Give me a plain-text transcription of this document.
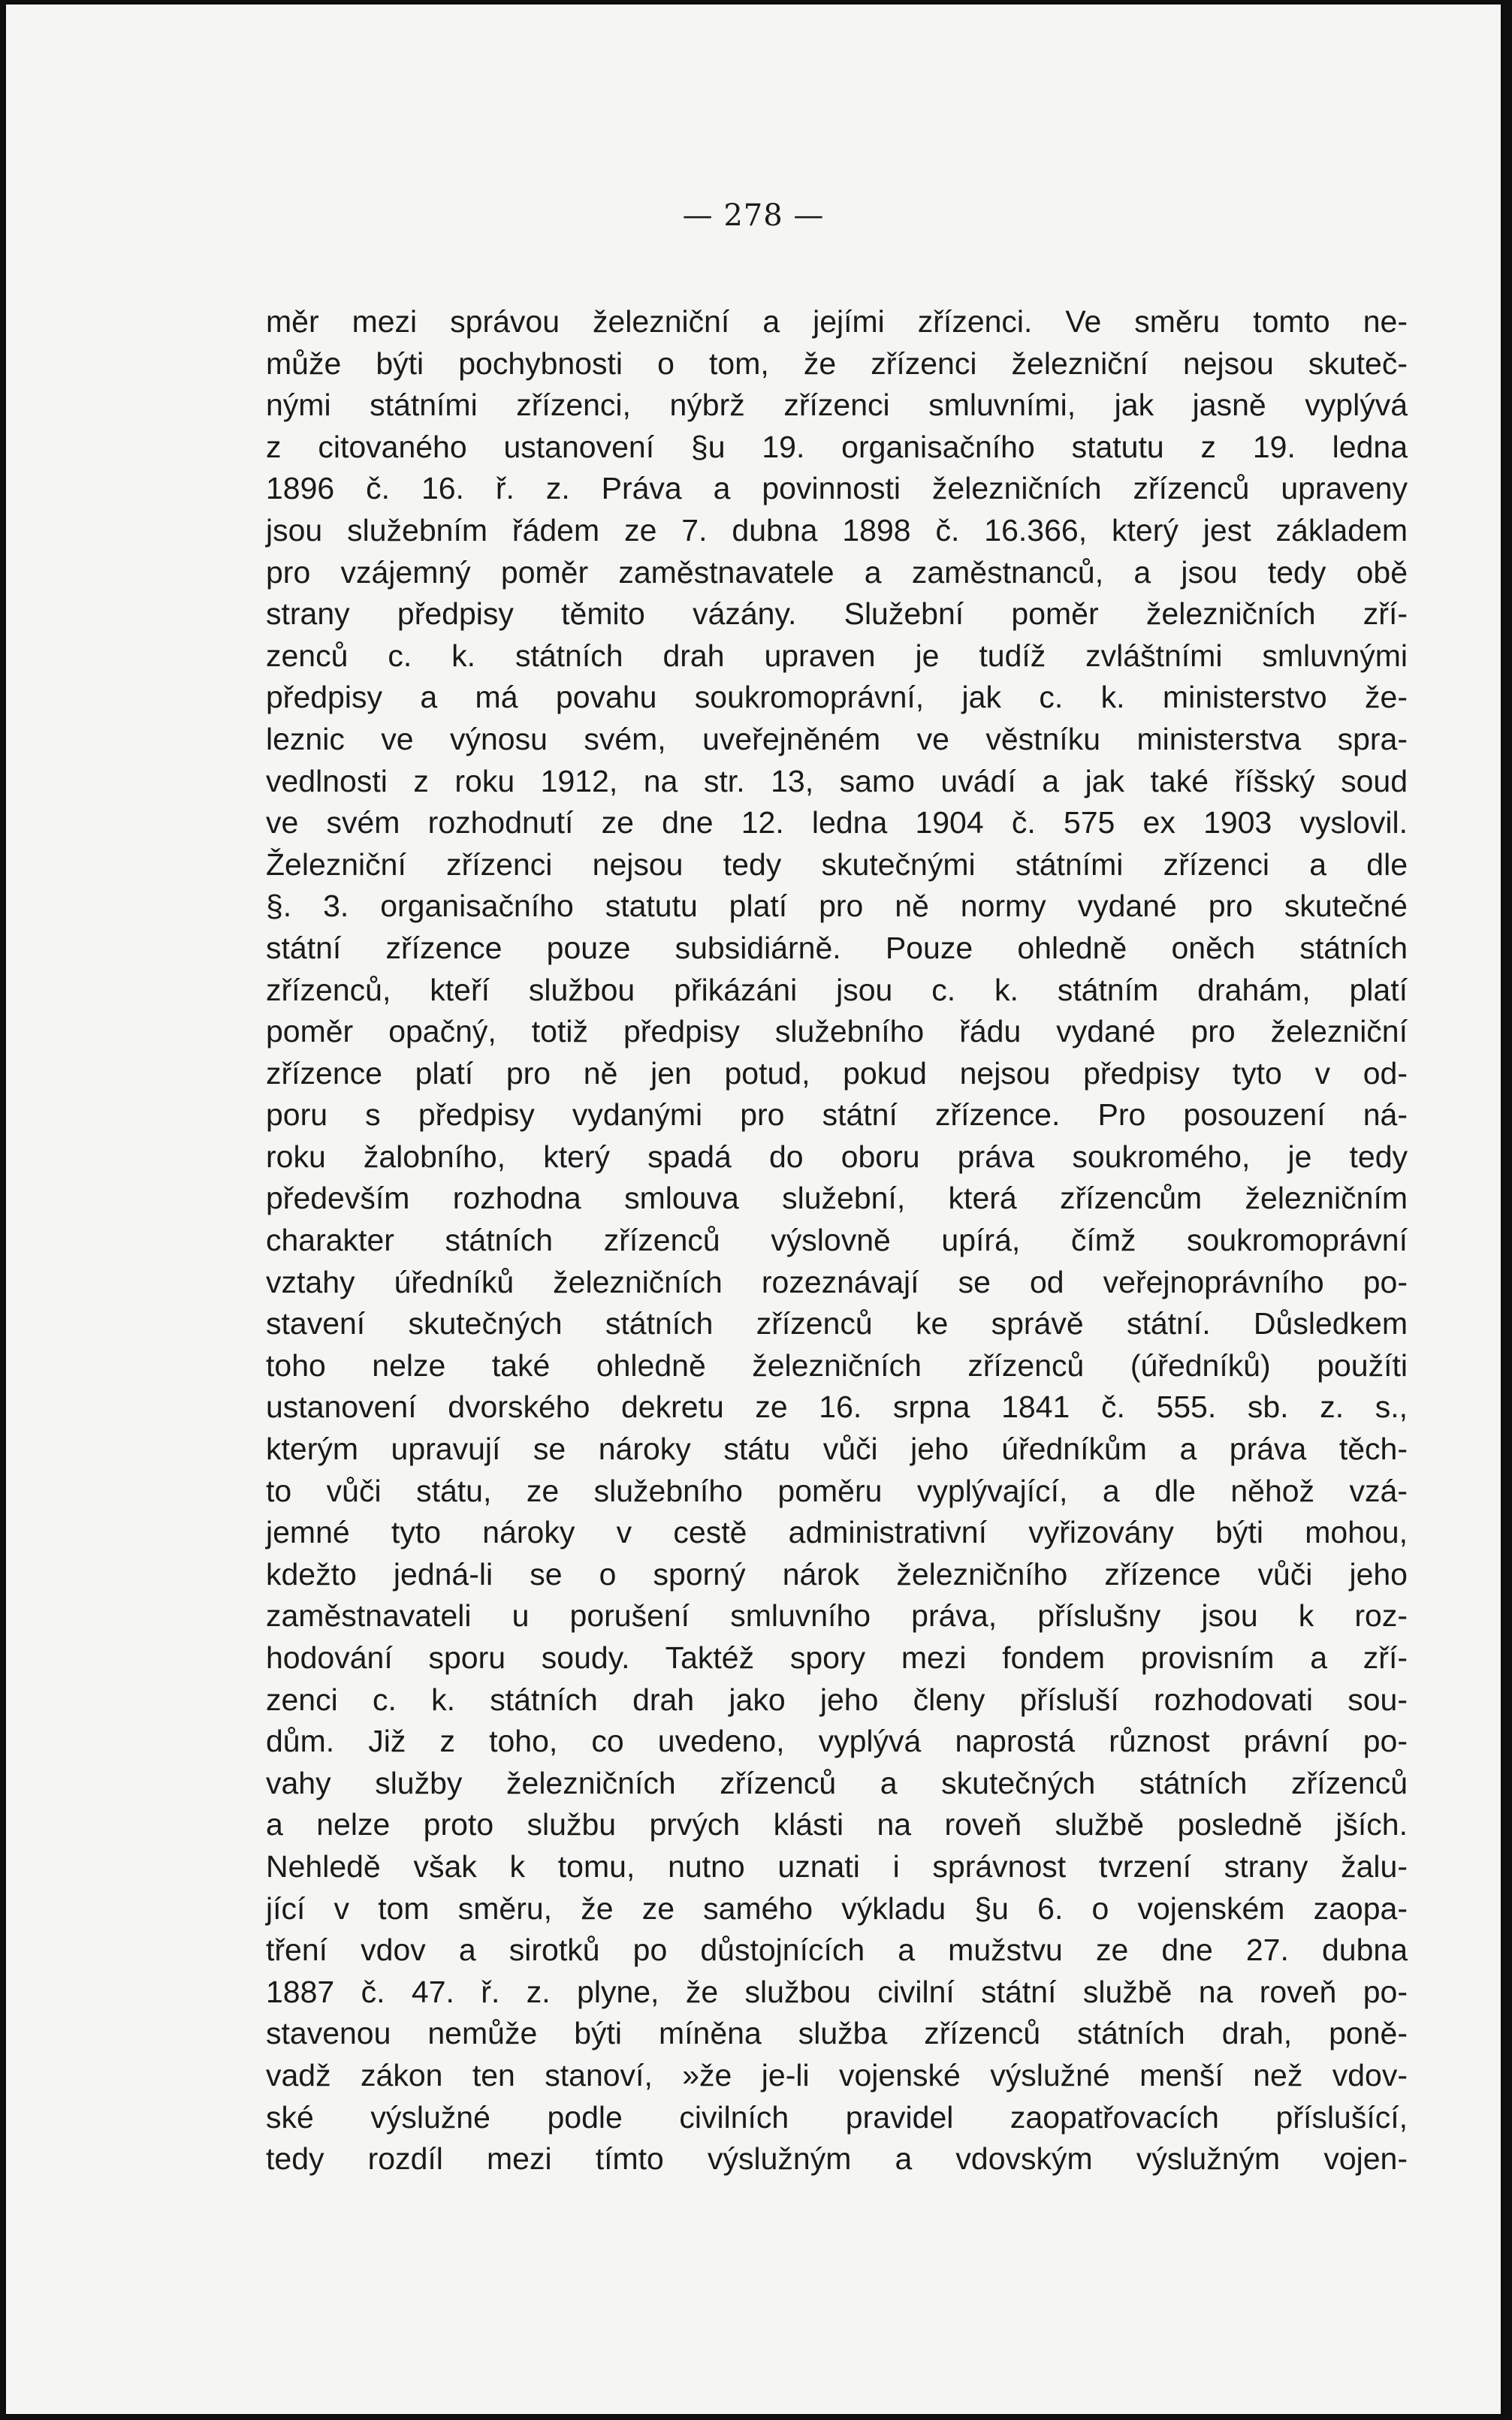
— 278 —
měr mezi správou železniční a jejími zřízenci. Ve směru tomto ne-
může býti pochybnosti o tom, že zřízenci železniční nejsou skuteč-
nými státními zřízenci, nýbrž zřízenci smluvními, jak jasně vyplývá
z citovaného ustanovení §u 19. organisačního statutu z 19. ledna
1896 č. 16. ř. z. Práva a povinnosti železničních zřízenců upraveny
jsou služebním řádem ze 7. dubna 1898 č. 16.366, který jest základem
pro vzájemný poměr zaměstnavatele a zaměstnanců, a jsou tedy obě
strany předpisy těmito vázány. Služební poměr železničních zří-
zenců c. k. státních drah upraven je tudíž zvláštními smluvnými
předpisy a má povahu soukromoprávní, jak c. k. ministerstvo že-
leznic ve výnosu svém, uveřejněném ve věstníku ministerstva spra-
vedlnosti z roku 1912, na str. 13, samo uvádí a jak také říšský soud
ve svém rozhodnutí ze dne 12. ledna 1904 č. 575 ex 1903 vyslovil.
Železniční zřízenci nejsou tedy skutečnými státními zřízenci a dle
§. 3. organisačního statutu platí pro ně normy vydané pro skutečné
státní zřízence pouze subsidiárně. Pouze ohledně oněch státních
zřízenců, kteří službou přikázáni jsou c. k. státním drahám, platí
poměr opačný, totiž předpisy služebního řádu vydané pro železniční
zřízence platí pro ně jen potud, pokud nejsou předpisy tyto v od-
poru s předpisy vydanými pro státní zřízence. Pro posouzení ná-
roku žalobního, který spadá do oboru práva soukromého, je tedy
především rozhodna smlouva služební, která zřízencům železničním
charakter státních zřízenců výslovně upírá, čímž soukromoprávní
vztahy úředníků železničních rozeznávají se od veřejnoprávního po-
stavení skutečných státních zřízenců ke správě státní. Důsledkem
toho nelze také ohledně železničních zřízenců (úředníků) použíti
ustanovení dvorského dekretu ze 16. srpna 1841 č. 555. sb. z. s.,
kterým upravují se nároky státu vůči jeho úředníkům a práva těch-
to vůči státu, ze služebního poměru vyplývající, a dle něhož vzá-
jemné tyto nároky v cestě administrativní vyřizovány býti mohou,
kdežto jedná-li se o sporný nárok železničního zřízence vůči jeho
zaměstnavateli u porušení smluvního práva, příslušny jsou k roz-
hodování sporu soudy. Taktéž spory mezi fondem provisním a zří-
zenci c. k. státních drah jako jeho členy přísluší rozhodovati sou-
dům. Již z toho, co uvedeno, vyplývá naprostá různost právní po-
vahy služby železničních zřízenců a skutečných státních zřízenců
a nelze proto službu prvých klásti na roveň službě posledně jších.
Nehledě však k tomu, nutno uznati i správnost tvrzení strany žalu-
jící v tom směru, že ze samého výkladu §u 6. o vojenském zaopa-
tření vdov a sirotků po důstojnících a mužstvu ze dne 27. dubna
1887 č. 47. ř. z. plyne, že službou civilní státní službě na roveň po-
stavenou nemůže býti míněna služba zřízenců státních drah, poně-
vadž zákon ten stanoví, »že je-li vojenské výslužné menší než vdov-
ské výslužné podle civilních pravidel zaopatřovacích příslušící,
tedy rozdíl mezi tímto výslužným a vdovským výslužným vojen-
